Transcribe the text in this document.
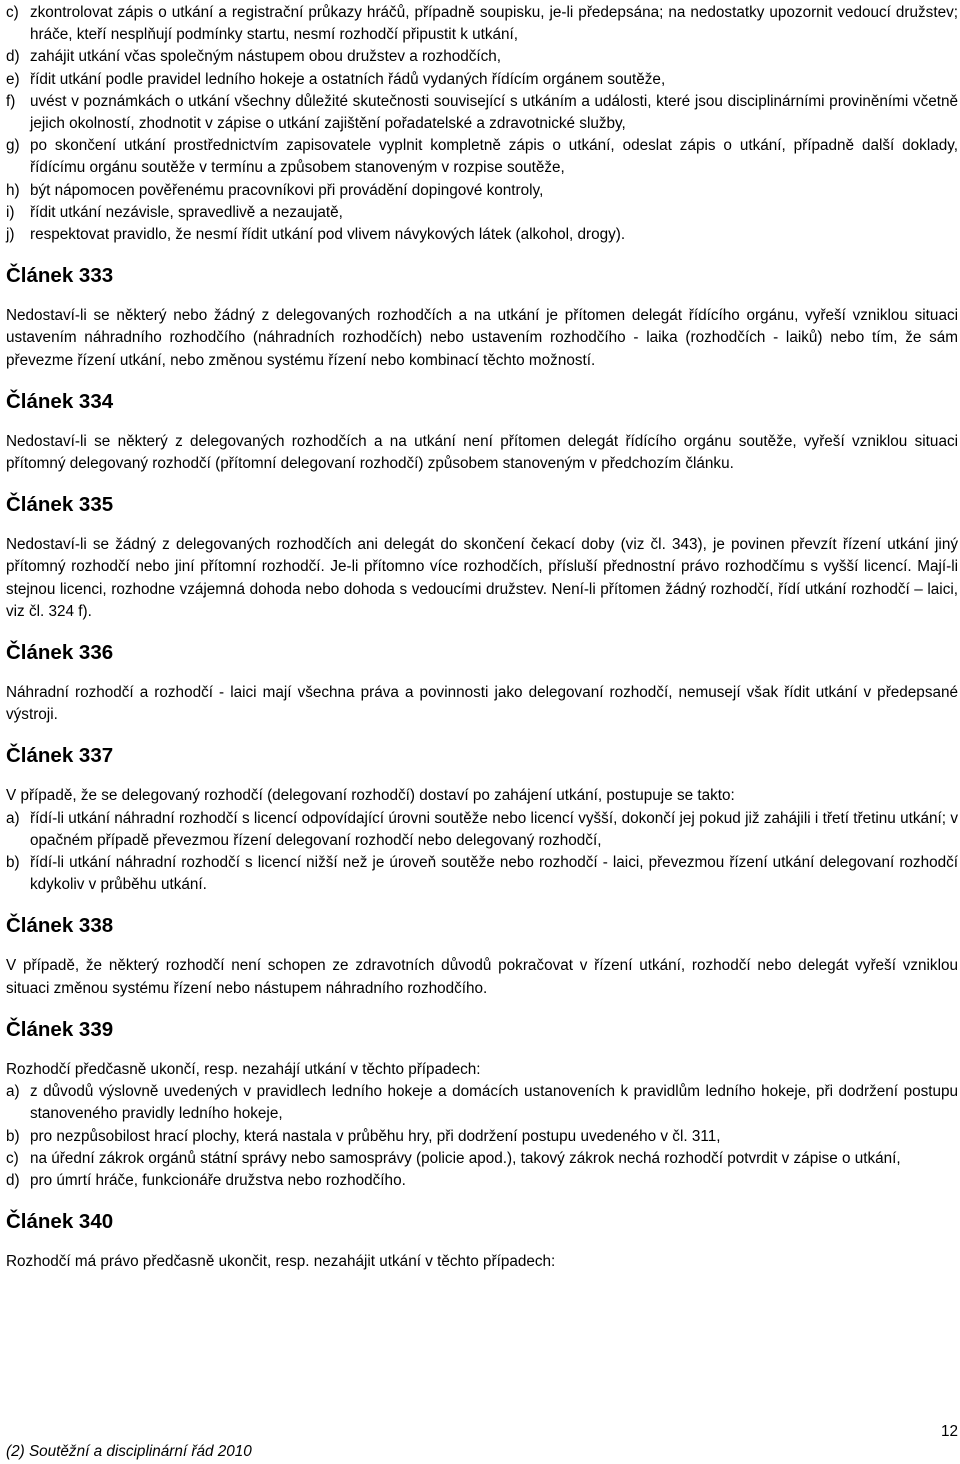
c) zkontrolovat zápis o utkání a registrační průkazy hráčů, případně soupisku, je-li předepsána; na nedostatky upozornit vedoucí družstev; hráče, kteří nesplňují podmínky startu, nesmí rozhodčí připustit k utkání,
d) zahájit utkání včas společným nástupem obou družstev a rozhodčích,
e) řídit utkání podle pravidel ledního hokeje a ostatních řádů vydaných řídícím orgánem soutěže,
f) uvést v poznámkách o utkání všechny důležité skutečnosti související s utkáním a události, které jsou disciplinárními proviněními včetně jejich okolností, zhodnotit v zápise o utkání zajištění pořadatelské a zdravotnické služby,
g) po skončení utkání prostřednictvím zapisovatele vyplnit kompletně zápis o utkání, odeslat zápis o utkání, případně další doklady, řídícímu orgánu soutěže v termínu a způsobem stanoveným v rozpise soutěže,
h) být nápomocen pověřenému pracovníkovi při provádění dopingové kontroly,
i)	řídit utkání nezávisle, spravedlivě a nezaujatě,
j)	respektovat pravidlo, že nesmí řídit utkání pod vlivem návykových látek (alkohol, drogy).
Článek 333

Nedostaví-li se některý nebo žádný z delegovaných rozhodčích a na utkání je přítomen delegát řídícího orgánu, vyřeší vzniklou situaci ustavením náhradního rozhodčího (náhradních rozhodčích) nebo ustavením rozhodčího - laika (rozhodčích - laiků) nebo tím, že sám převezme řízení utkání, nebo změnou systému řízení nebo kombinací těchto možností.

Článek 334

Nedostaví-li se některý z delegovaných rozhodčích a na utkání není přítomen delegát řídícího orgánu soutěže, vyřeší vzniklou situaci přítomný delegovaný rozhodčí (přítomní delegovaní rozhodčí) způsobem stanoveným v předchozím článku.

Článek 335

Nedostaví-li se žádný z delegovaných rozhodčích ani delegát do skončení čekací doby (viz čl. 343), je povinen převzít řízení utkání jiný přítomný rozhodčí nebo jiní přítomní rozhodčí. Je-li přítomno více rozhodčích, přísluší přednostní právo rozhodčímu s vyšší licencí. Mají-li stejnou licenci, rozhodne vzájemná dohoda nebo dohoda s vedoucími družstev. Není-li přítomen žádný rozhodčí, řídí utkání rozhodčí – laici, viz čl. 324 f).

Článek 336

Náhradní rozhodčí a rozhodčí - laici mají všechna práva a povinnosti jako delegovaní rozhodčí, nemusejí však řídit utkání v předepsané výstroji.

Článek 337

V případě, že se delegovaný rozhodčí (delegovaní rozhodčí) dostaví po zahájení utkání, postupuje se takto:

a) řídí-li utkání náhradní rozhodčí s licencí odpovídající úrovni soutěže nebo licencí vyšší, dokončí jej pokud již zahájili i třetí třetinu utkání; v opačném případě převezmou řízení delegovaní rozhodčí nebo delegovaný rozhodčí,
b) řídí-li utkání náhradní rozhodčí s licencí nižší než je úroveň soutěže nebo rozhodčí - laici, převezmou řízení utkání delegovaní rozhodčí kdykoliv v průběhu utkání.
Článek 338

V případě, že některý rozhodčí není schopen ze zdravotních důvodů pokračovat v řízení utkání, rozhodčí nebo delegát vyřeší vzniklou situaci změnou systému řízení nebo nástupem náhradního rozhodčího.

Článek 339

Rozhodčí předčasně ukončí, resp. nezahájí utkání v těchto případech:

a) z důvodů výslovně uvedených v pravidlech ledního hokeje a domácích ustanoveních k pravidlům ledního hokeje, při dodržení postupu stanoveného pravidly ledního hokeje,
b) pro nezpůsobilost hrací plochy, která nastala v průběhu hry, při dodržení postupu uvedeného v čl. 311,
c) na úřední zákrok orgánů státní správy nebo samosprávy (policie apod.), takový zákrok nechá rozhodčí potvrdit v zápise o utkání,
d) pro úmrtí hráče, funkcionáře družstva nebo rozhodčího.
Článek 340

Rozhodčí má právo předčasně ukončit, resp. nezahájit utkání v těchto případech:

12
(2) Soutěžní a disciplinární řád 2010
